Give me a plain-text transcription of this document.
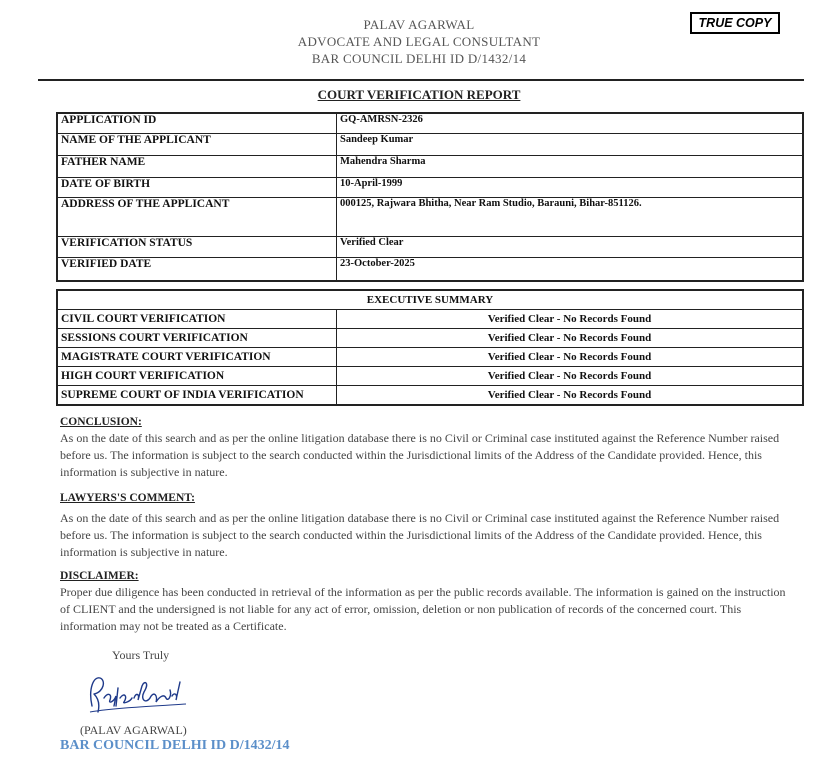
PALAV AGARWAL
ADVOCATE AND LEGAL CONSULTANT
BAR COUNCIL DELHI ID D/1432/14
TRUE COPY
COURT VERIFICATION REPORT
APPLICATION ID	GQ-AMRSN-2326
NAME OF THE APPLICANT	Sandeep Kumar
FATHER NAME	Mahendra Sharma
DATE OF BIRTH	10-April-1999
ADDRESS OF THE APPLICANT	000125, Rajwara Bhitha, Near Ram Studio, Barauni, Bihar-851126.
VERIFICATION STATUS	Verified Clear
VERIFIED DATE	23-October-2025
EXECUTIVE SUMMARY	
CIVIL COURT VERIFICATION	Verified Clear - No Records Found
SESSIONS COURT VERIFICATION	Verified Clear - No Records Found
MAGISTRATE COURT VERIFICATION	Verified Clear - No Records Found
HIGH COURT VERIFICATION	Verified Clear - No Records Found
SUPREME COURT OF INDIA VERIFICATION	Verified Clear - No Records Found
CONCLUSION:
As on the date of this search and as per the online litigation database there is no Civil or Criminal case instituted against the Reference Number raised before us. The information is subject to the search conducted within the Jurisdictional limits of the Address of the Candidate provided. Hence, this information is subjective in nature.
LAWYERS'S COMMENT:
As on the date of this search and as per the online litigation database there is no Civil or Criminal case instituted against the Reference Number raised before us. The information is subject to the search conducted within the Jurisdictional limits of the Address of the Candidate provided. Hence, this information is subjective in nature.
DISCLAIMER:
Proper due diligence has been conducted in retrieval of the information as per the public records available. The information is gained on the instruction of CLIENT and the undersigned is not liable for any act of error, omission, deletion or non publication of records of the concerned court. This information may not be treated as a Certificate.
Yours Truly
(PALAV AGARWAL)
BAR COUNCIL DELHI ID D/1432/14
